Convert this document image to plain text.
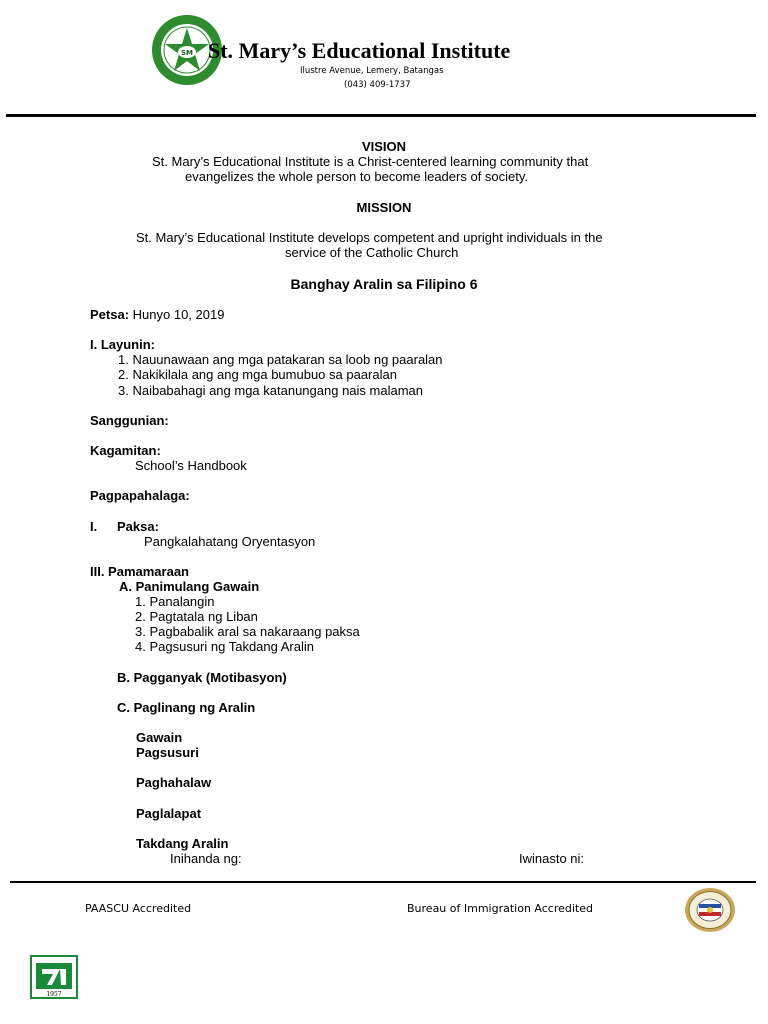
SM St. Mary’s Educational Institute
Ilustre Avenue, Lemery, Batangas
(043) 409-1737
VISION
St. Mary’s Educational Institute is a Christ-centered learning community that
evangelizes the whole person to become leaders of society.
MISSION
St. Mary’s Educational Institute develops competent and upright individuals in the
service of the Catholic Church
Banghay Aralin sa Filipino 6
Petsa: Hunyo 10, 2019
I. Layunin:
1. Nauunawaan ang mga patakaran sa loob ng paaralan
2. Nakikilala ang ang mga bumubuo sa paaralan
3. Naibabahagi ang mga katanungang nais malaman
Sanggunian:
Kagamitan:
School’s Handbook
Pagpapahalaga:
I. Paksa:
Pangkalahatang Oryentasyon
III. Pamamaraan
A. Panimulang Gawain
1. Panalangin
2. Pagtatala ng Liban
3. Pagbabalik aral sa nakaraang paksa
4. Pagsusuri ng Takdang Aralin
B. Pagganyak (Motibasyon)
C. Paglinang ng Aralin
Gawain
Pagsusuri
Paghahalaw
Paglalapat
Takdang Aralin
Inihanda ng:	Iwinasto ni:
PAASCU Accredited	Bureau of Immigration Accredited
1957
